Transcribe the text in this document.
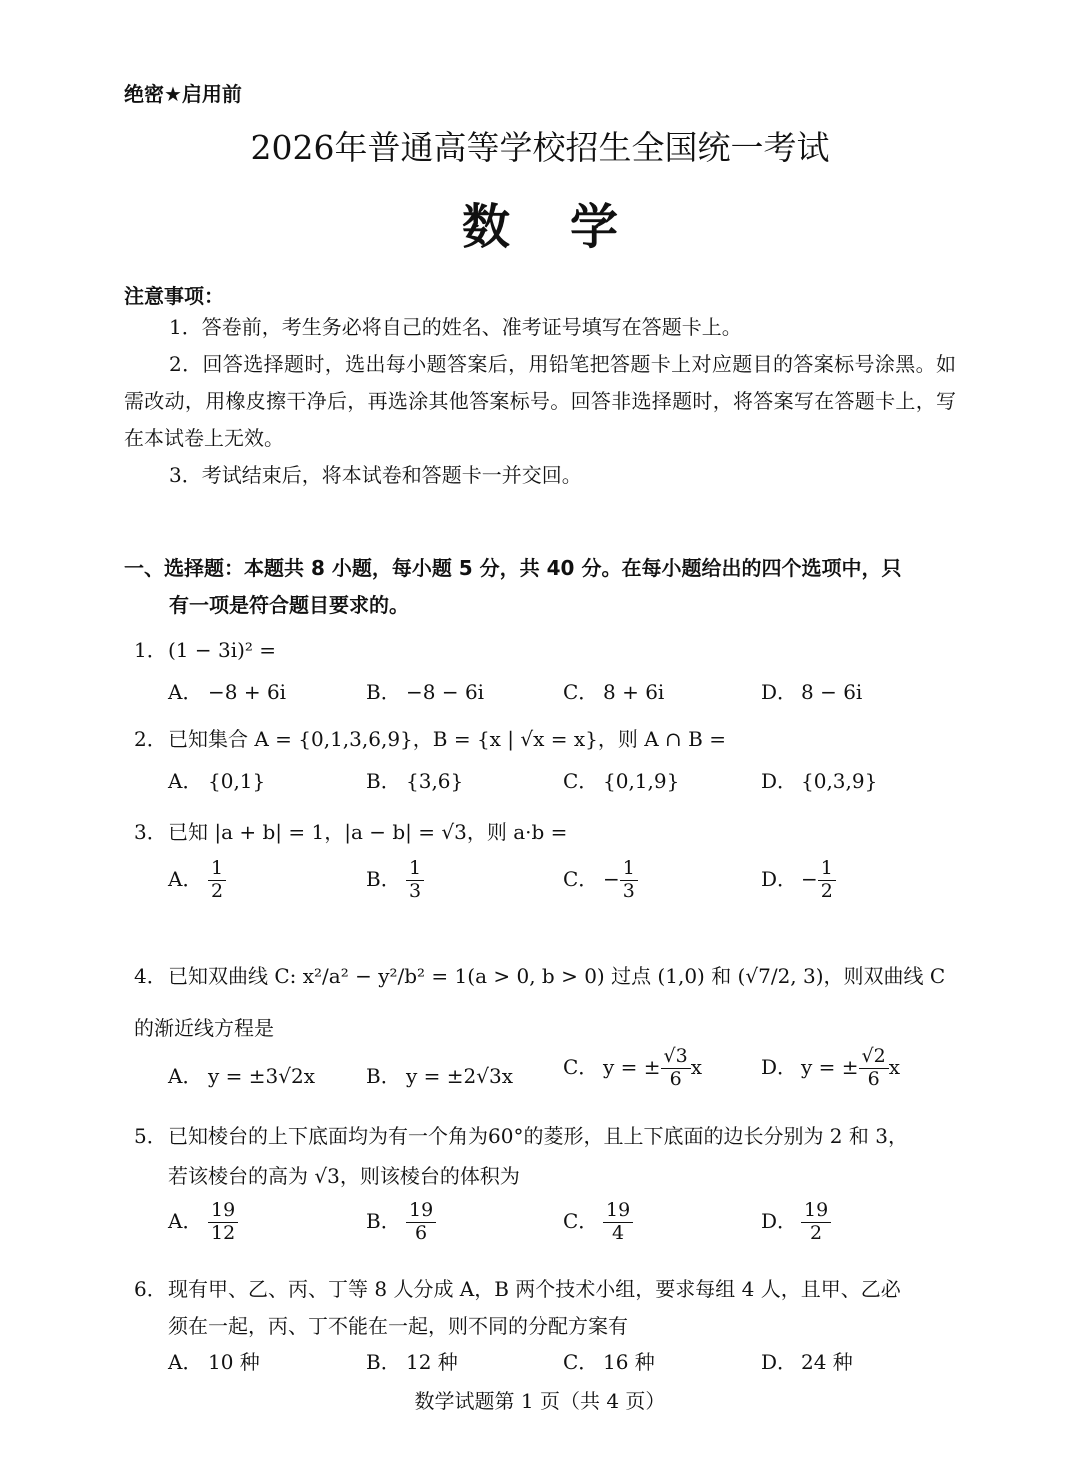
绝密★启用前
2026年普通高等学校招生全国统一考试
数学
注意事项：
1．答卷前，考生务必将自己的姓名、准考证号填写在答题卡上。
2．回答选择题时，选出每小题答案后，用铅笔把答题卡上对应题目的答案标号涂黑。如需改动，用橡皮擦干净后，再选涂其他答案标号。回答非选择题时，将答案写在答题卡上，写在本试卷上无效。
3．考试结束后，将本试卷和答题卡一并交回。
一、选择题：本题共 8 小题，每小题 5 分，共 40 分。在每小题给出的四个选项中，只
有一项是符合题目要求的。
1．(1 − 3i)² =
A． −8 + 6i	B． −8 − 6i	C． 8 + 6i	D． 8 − 6i
2．已知集合 A = {0,1,3,6,9}，B = {x | √x = x}，则 A ∩ B =
A． {0,1}	B． {3,6}	C． {0,1,9}	D． {0,3,9}
3．已知 |a + b| = 1，|a − b| = √3，则 a·b =
A． $\frac{1}{2}$	B． $\frac{1}{3}$	C． − $\frac{1}{3}$	D． − $\frac{1}{2}$
4．已知双曲线 C: x²/a² − y²/b² = 1(a > 0, b > 0) 过点 (1,0) 和 (√7/2, 3)，则双曲线 C 的渐近线方程是
A． y = ±3√2x	B． y = ±2√3x C． y = ± $\frac{√3}{6}$ x	D． y = ± $\frac{√2}{6}$ x
5．已知棱台的上下底面均为有一个角为60°的菱形，且上下底面的边长分别为 2 和 3，
若该棱台的高为 √3，则该棱台的体积为
A． $\frac{19}{12}$	B． $\frac{19}{6}$	C． $\frac{19}{4}$	D． $\frac{19}{2}$
6．现有甲、乙、丙、丁等 8 人分成 A，B 两个技术小组，要求每组 4 人，且甲、乙必
须在一起，丙、丁不能在一起，则不同的分配方案有
A． 10 种	B． 12 种	C． 16 种	D． 24 种
数学试题第 1 页（共 4 页）
